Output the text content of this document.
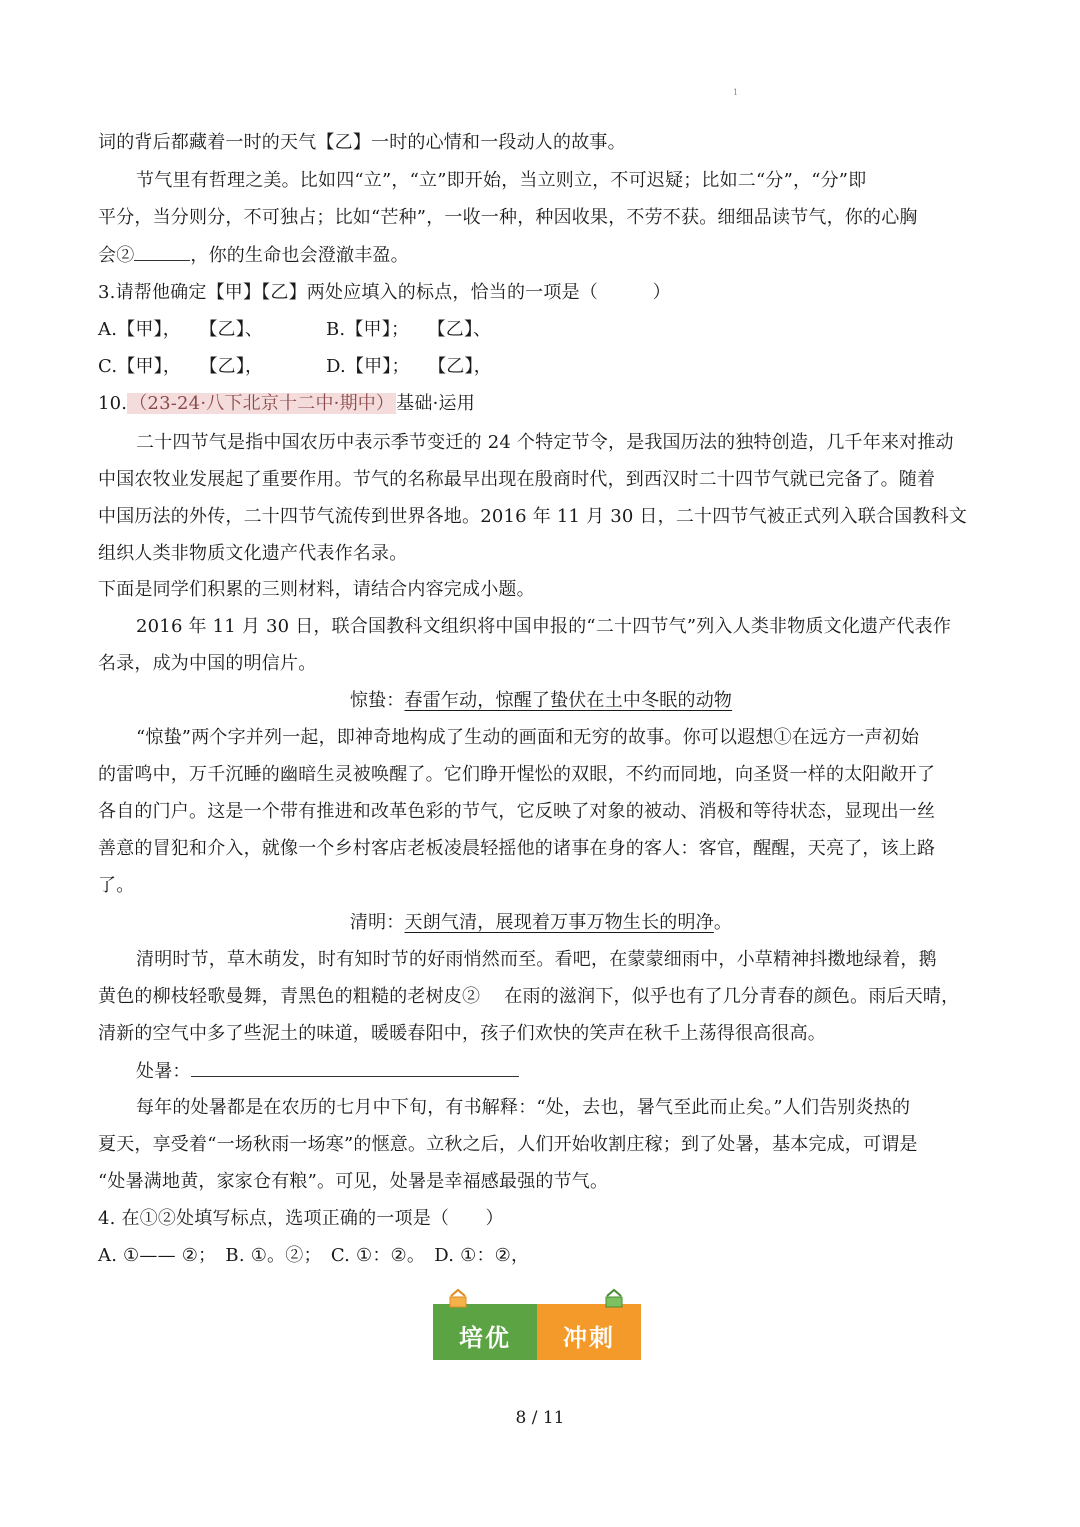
1
词的背后都藏着一时的天气【乙】一时的心情和一段动人的故事。
节气里有哲理之美。比如四“立”，“立”即开始，当立则立，不可迟疑；比如二“分”，“分”即
平分，当分则分，不可独占；比如“芒种”，一收一种，种因收果，不劳不获。细细品读节气，你的心胸
会②	，你的生命也会澄澈丰盈。
3.请帮他确定【甲】【乙】两处应填入的标点，恰当的一项是（　　　）
A.【甲】，　　【乙】、	B.【甲】；　　【乙】、
C.【甲】，　　【乙】，	D.【甲】；　　【乙】，
10. （23-24·八下北京十二中·期中） 基础·运用
二十四节气是指中国农历中表示季节变迁的 24 个特定节令，是我国历法的独特创造，几千年来对推动
中国农牧业发展起了重要作用。节气的名称最早出现在殷商时代，到西汉时二十四节气就已完备了。随着
中国历法的外传，二十四节气流传到世界各地。2016 年 11 月 30 日，二十四节气被正式列入联合国教科文
组织人类非物质文化遗产代表作名录。
下面是同学们积累的三则材料，请结合内容完成小题。
2016 年 11 月 30 日，联合国教科文组织将中国申报的“二十四节气”列入人类非物质文化遗产代表作
名录，成为中国的明信片。
惊蛰：春雷乍动，惊醒了蛰伏在土中冬眠的动物
“惊蛰”两个字并列一起，即神奇地构成了生动的画面和无穷的故事。你可以遐想①在远方一声初始
的雷鸣中，万千沉睡的幽暗生灵被唤醒了。它们睁开惺忪的双眼，不约而同地，向圣贤一样的太阳敞开了
各自的门户。这是一个带有推进和改革色彩的节气，它反映了对象的被动、消极和等待状态，显现出一丝
善意的冒犯和介入，就像一个乡村客店老板凌晨轻摇他的诸事在身的客人：客官，醒醒，天亮了，该上路
了。
清明：天朗气清，展现着万事万物生长的明净。
清明时节，草木萌发，时有知时节的好雨悄然而至。看吧，在蒙蒙细雨中，小草精神抖擞地绿着，鹅
黄色的柳枝轻歌曼舞，青黑色的粗糙的老树皮②　 在雨的滋润下，似乎也有了几分青春的颜色。雨后天晴，
清新的空气中多了些泥土的味道，暖暖春阳中，孩子们欢快的笑声在秋千上荡得很高很高。
处暑：
每年的处暑都是在农历的七月中下旬，有书解释：“处，去也，暑气至此而止矣。”人们告别炎热的
夏天，享受着“一场秋雨一场寒”的惬意。立秋之后，人们开始收割庄稼；到了处暑，基本完成，可谓是
“处暑满地黄，家家仓有粮”。可见，处暑是幸福感最强的节气。
4. 在①②处填写标点，选项正确的一项是（　　）
A. ①—— ②；　B. ①。②；　C. ①：②。　D. ①：②，
培优	冲刺
8 / 11
